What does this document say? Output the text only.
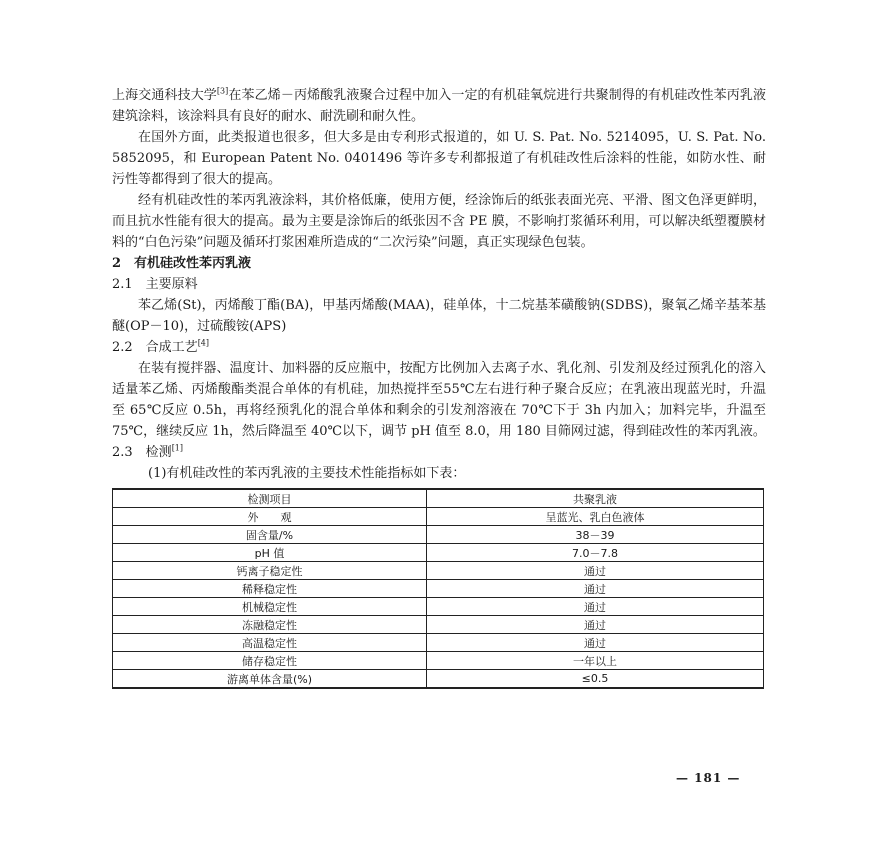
上海交通科技大学[3]在苯乙烯－丙烯酸乳液聚合过程中加入一定的有机硅氧烷进行共聚制得的有机硅改性苯丙乳液建筑涂料，该涂料具有良好的耐水、耐洗刷和耐久性。

在国外方面，此类报道也很多，但大多是由专利形式报道的，如 U. S. Pat. No. 5214095，U. S. Pat. No. 5852095，和 European Patent No. 0401496 等许多专利都报道了有机硅改性后涂料的性能，如防水性、耐污性等都得到了很大的提高。

经有机硅改性的苯丙乳液涂料，其价格低廉，使用方便，经涂饰后的纸张表面光亮、平滑、图文色泽更鲜明，而且抗水性能有很大的提高。最为主要是涂饰后的纸张因不含 PE 膜，不影响打浆循环利用，可以解决纸塑覆膜材料的“白色污染”问题及循环打浆困难所造成的“二次污染”问题，真正实现绿色包装。

2　有机硅改性苯丙乳液
2.1　主要原料

苯乙烯(St)，丙烯酸丁酯(BA)，甲基丙烯酸(MAA)，硅单体，十二烷基苯磺酸钠(SDBS)，聚氧乙烯辛基苯基醚(OP－10)，过硫酸铵(APS)

2.2　合成工艺[4]

在装有搅拌器、温度计、加料器的反应瓶中，按配方比例加入去离子水、乳化剂、引发剂及经过预乳化的溶入适量苯乙烯、丙烯酸酯类混合单体的有机硅，加热搅拌至55℃左右进行种子聚合反应；在乳液出现蓝光时，升温至 65℃反应 0.5h，再将经预乳化的混合单体和剩余的引发剂溶液在 70℃下于 3h 内加入；加料完毕，升温至 75℃，继续反应 1h，然后降温至 40℃以下，调节 pH 值至 8.0，用 180 目筛网过滤，得到硅改性的苯丙乳液。

2.3　检测[1]

(1)有机硅改性的苯丙乳液的主要技术性能指标如下表：

检测项目	共聚乳液
外　　观	呈蓝光、乳白色液体
固含量/%	38－39
pH 值	7.0－7.8
钙离子稳定性	通过
稀释稳定性	通过
机械稳定性	通过
冻融稳定性	通过
高温稳定性	通过
储存稳定性	一年以上
游离单体含量(%)	≤0.5
— 181 —
